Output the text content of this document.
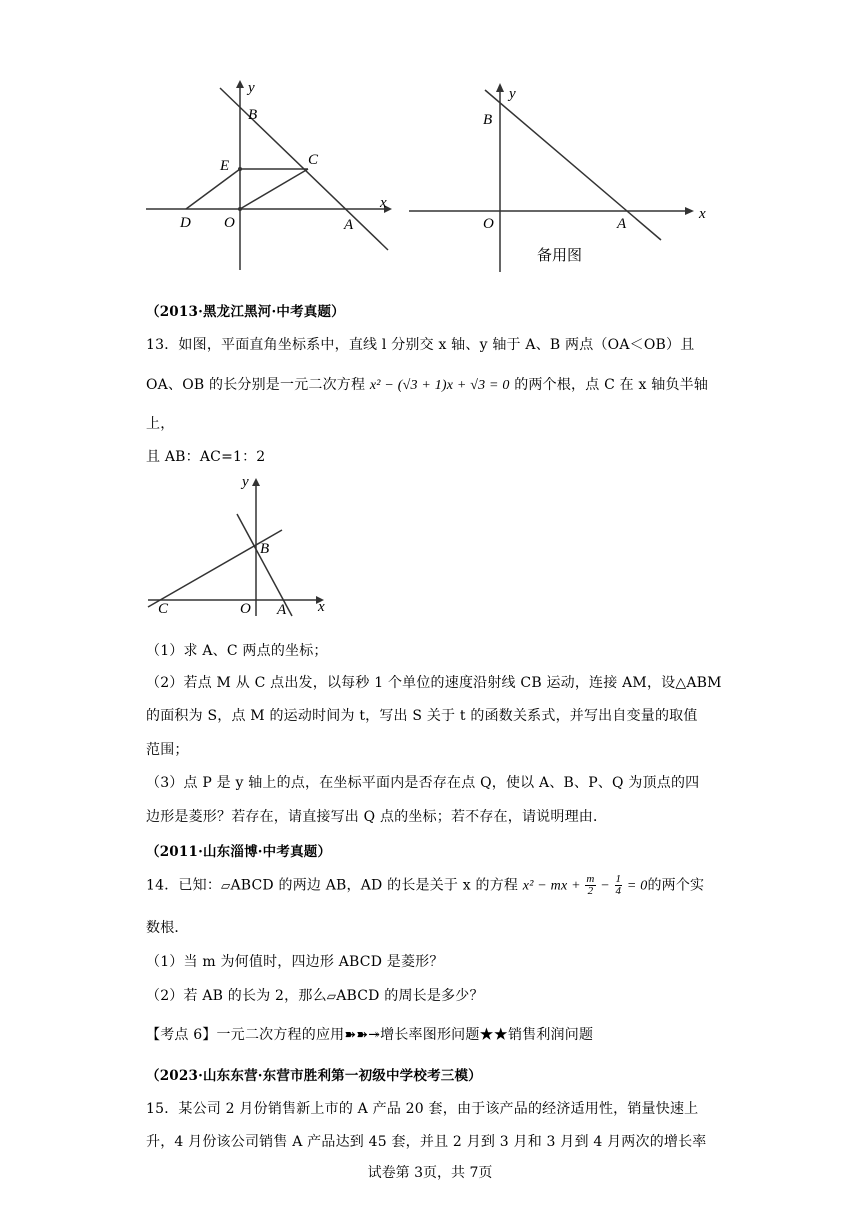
y
B
E	C
D O	A
x
y
B
O	A
x
备用图
（2013·黑龙江黑河·中考真题）
13．如图，平面直角坐标系中，直线 l 分别交 x 轴、y 轴于 A、B 两点（OA＜OB）且
OA、OB 的长分别是一元二次方程 x² − (√3 + 1)x + √3 = 0 的两个根，点 C 在 x 轴负半轴
上，
且 AB：AC=1：2
y
B
C	O A x
（1）求 A、C 两点的坐标；
（2）若点 M 从 C 点出发，以每秒 1 个单位的速度沿射线 CB 运动，连接 AM，设△ABM
的面积为 S，点 M 的运动时间为 t，写出 S 关于 t 的函数关系式，并写出自变量的取值
范围；
（3）点 P 是 y 轴上的点，在坐标平面内是否存在点 Q，使以 A、B、P、Q 为顶点的四
边形是菱形？若存在，请直接写出 Q 点的坐标；若不存在，请说明理由．
（2011·山东淄博·中考真题）
14．已知：▱ABCD 的两边 AB，AD 的长是关于 x 的方程 x² − mx + $\frac{m}{2} - \frac{1}{4} = 0$的两个实
数根．
（1）当 m 为何值时，四边形 ABCD 是菱形？
（2）若 AB 的长为 2，那么▱ABCD 的周长是多少？
【考点 6】一元二次方程的应用➽➽↠增长率图形问题★★销售利润问题
（2023·山东东营·东营市胜利第一初级中学校考三模）
15．某公司 2 月份销售新上市的 A 产品 20 套，由于该产品的经济适用性，销量快速上
升，4 月份该公司销售 A 产品达到 45 套，并且 2 月到 3 月和 3 月到 4 月两次的增长率
试卷第 3页，共 7页
